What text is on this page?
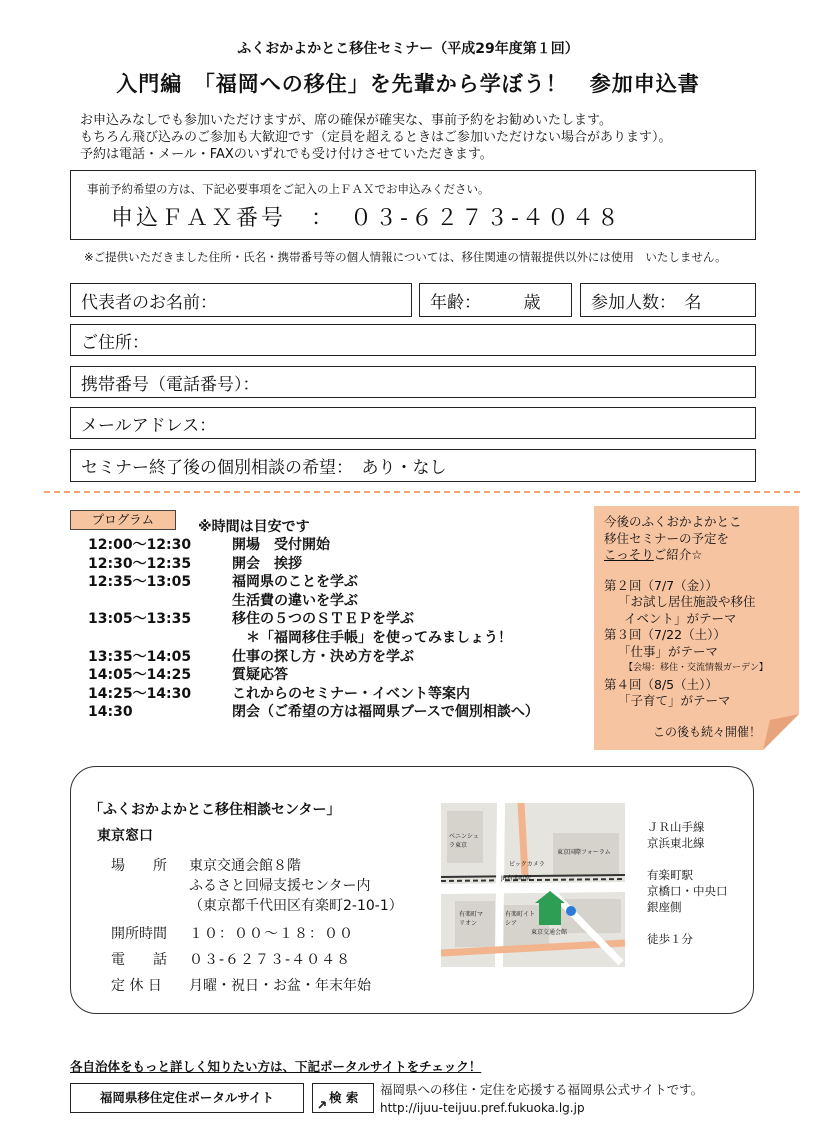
ふくおかよかとこ移住セミナー（平成29年度第１回）
入門編　「福岡への移住」を先輩から学ぼう！　参加申込書
お申込みなしでも参加いただけますが、席の確保が確実な、事前予約をお勧めいたします。
もちろん飛び込みのご参加も大歓迎です（定員を超えるときはご参加いただけない場合があります）。
予約は電話・メール・FAXのいずれでも受け付けさせていただきます。
事前予約希望の方は、下記必要事項をご記入の上ＦＡＸでお申込みください。
申込ＦＡＸ番号　：　０３-６２７３-４０４８
※ご提供いただきました住所・氏名・携帯番号等の個人情報については、移住関連の情報提供以外には使用　いたしません。
代表者のお名前：	年齢：　　　歳	参加人数：　名
ご住所：
携帯番号（電話番号）：
メールアドレス：
セミナー終了後の個別相談の希望：　あり・なし
プログラム	※時間は目安です
12:00～12:30	開場　受付開始
12:30～12:35	開会　挨拶
12:35～13:05	福岡県のことを学ぶ
生活費の違いを学ぶ
13:05～13:35	移住の５つのＳＴＥＰを学ぶ
　＊「福岡移住手帳」を使ってみましょう！
13:35～14:05	仕事の探し方・決め方を学ぶ
14:05～14:25	質疑応答
14:25～14:30	これからのセミナー・イベント等案内
14:30	閉会（ご希望の方は福岡県ブースで個別相談へ）
今後のふくおかよかとこ
移住セミナーの予定を
こっそりご紹介☆
第２回（7/7（金））
「お試し居住施設や移住
イベント」がテーマ
第３回（7/22（土））
「仕事」がテーマ
【会場：移住・交流情報ガーデン】
第４回（8/5（土））
「子育て」がテーマ
この後も続々開催！
「ふくおかよかとこ移住相談センター」
東京窓口
場　　所 東京交通会館８階
ふるさと回帰支援センター内
（東京都千代田区有楽町2-10-1）
開所時間 １０：００～１８：００
電　　話 ０３-６２７３-４０４８
定 休 日 月曜・祝日・お盆・年末年始
JR有楽町駅
ビックカメラ
東京国際フォーラム
有楽町マリオン
有楽町イトシア
東京交通会館
ベニンシュラ東京
ＪＲ山手線
京浜東北線
有楽町駅
京橋口・中央口
銀座側
徒歩１分
各自治体をもっと詳しく知りたい方は、下記ポータルサイトをチェック！
福岡県移住定住ポータルサイト	検 索
福岡県への移住・定住を応援する福岡県公式サイトです。
http://ijuu-teijuu.pref.fukuoka.lg.jp
